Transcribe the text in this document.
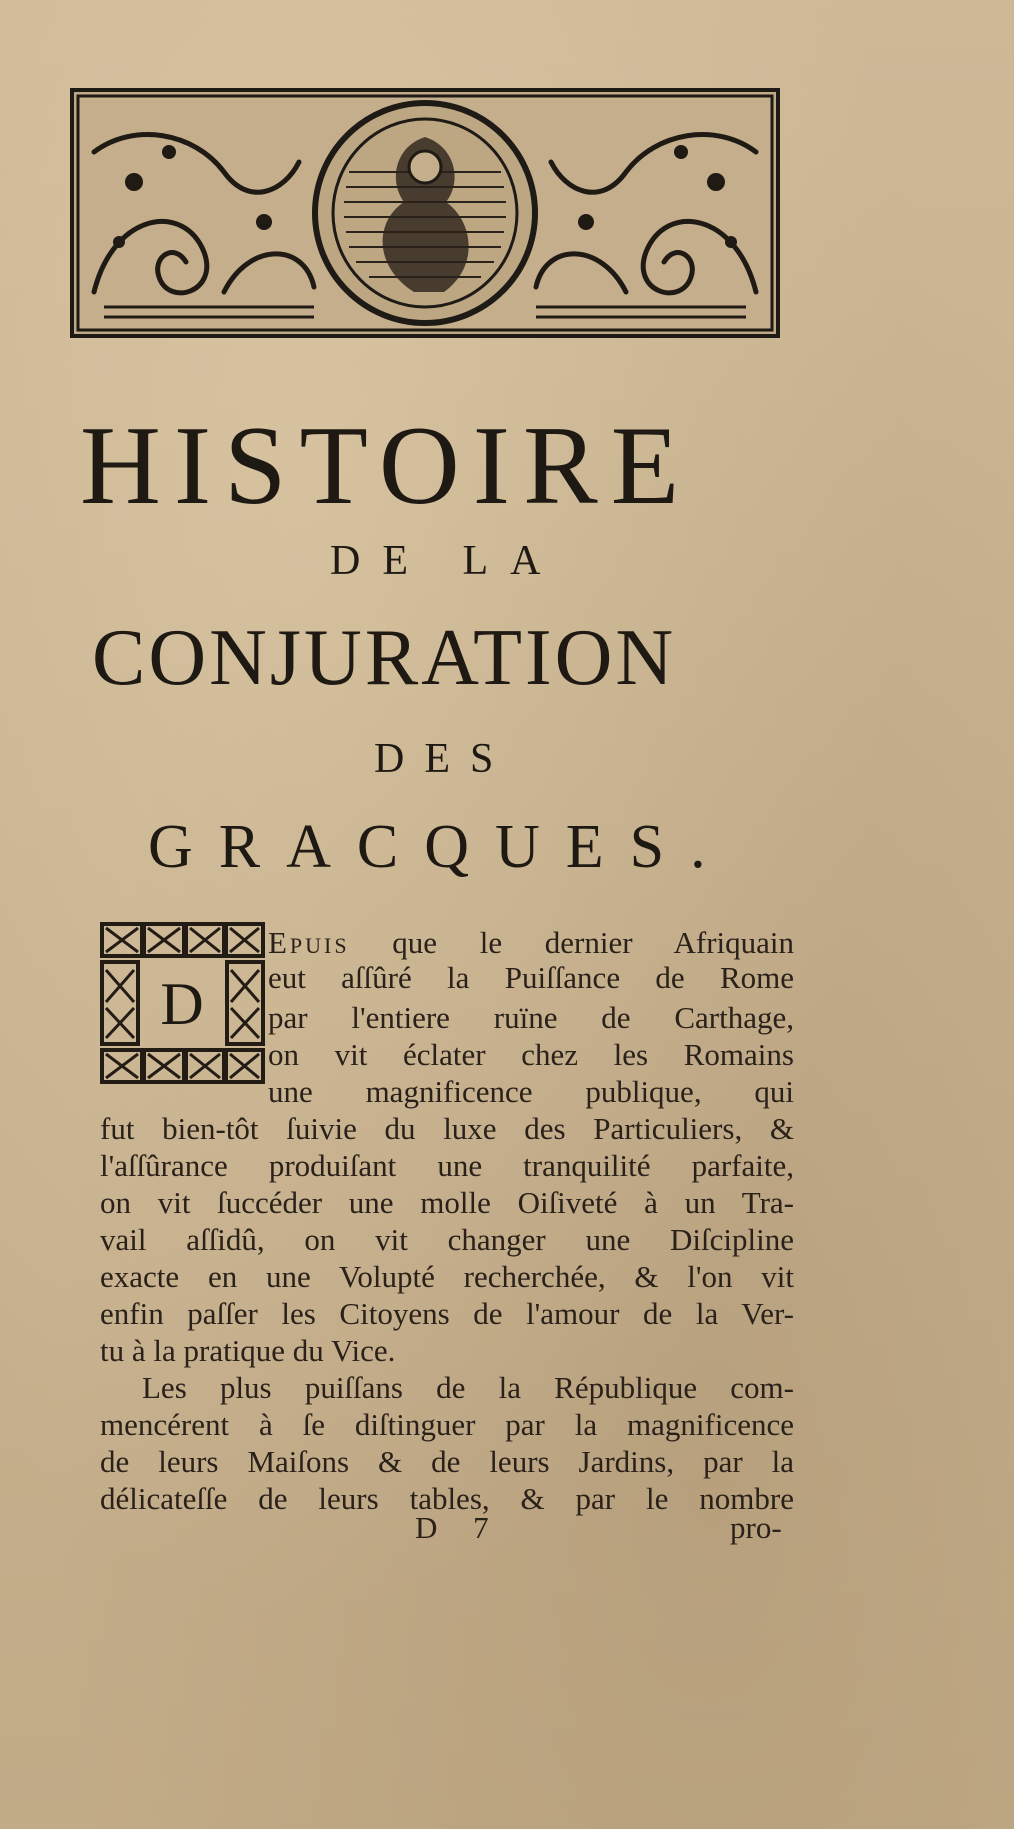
HISTOIRE
DE LA
CONJURATION
DES
GRACQUES.
D

Epuis que le dernier Afriquain

eut aſſûré la Puiſſance de Rome

par l'entiere ruïne de Carthage,

on vit éclater chez les Romains

une magnificence publique, qui

fut bien-tôt ſuivie du luxe des Particuliers, &

l'aſſûrance produiſant une tranquilité parfaite,

on vit ſuccéder une molle Oiſiveté à un Tra-

vail aſſidû, on vit changer une Diſcipline

exacte en une Volupté recherchée, & l'on vit

enfin paſſer les Citoyens de l'amour de la Ver-

tu à la pratique du Vice.

Les plus puiſſans de la République com-

mencérent à ſe diſtinguer par la magnificence

de leurs Maiſons & de leurs Jardins, par la

délicateſſe de leurs tables, & par le nombre

D 7	pro-
